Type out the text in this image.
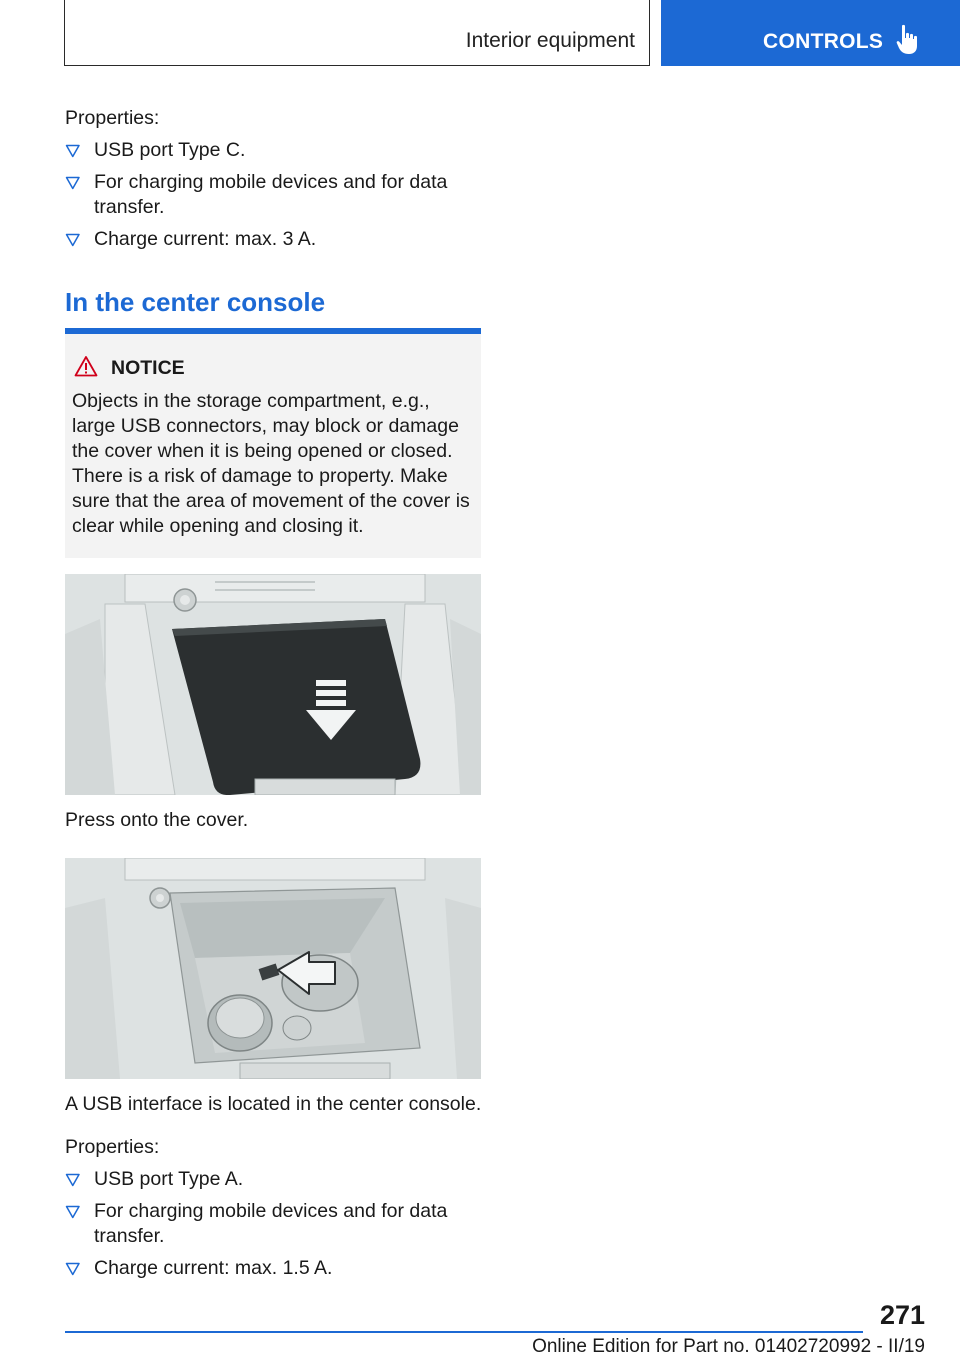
Interior equipment	CONTROLS
Properties:
USB port Type C.
For charging mobile devices and for data transfer.
Charge current: max. 3 A.
In the center console
NOTICE
Objects in the storage compartment, e.g., large USB connectors, may block or damage the cover when it is being opened or closed. There is a risk of damage to property. Make sure that the area of movement of the cover is clear while opening and closing it.
Press onto the cover.
A USB interface is located in the center console.
Properties:
USB port Type A.
For charging mobile devices and for data transfer.
Charge current: max. 1.5 A.
271
Online Edition for Part no. 01402720992 - II/19
